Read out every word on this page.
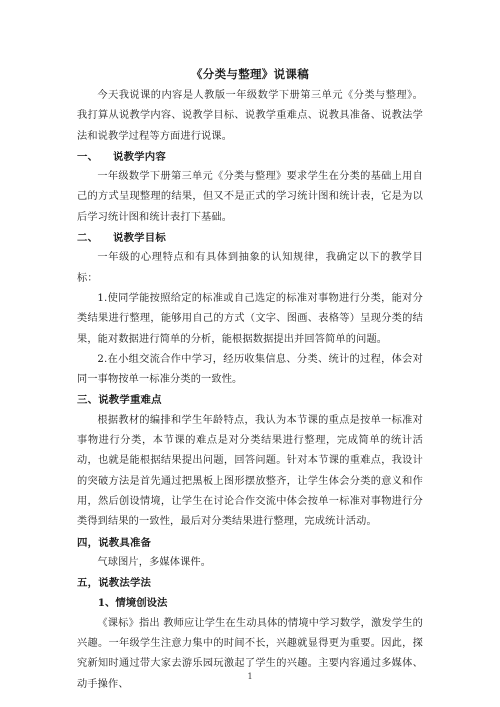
《分类与整理》说课稿

今天我说课的内容是人教版一年级数学下册第三单元《分类与整理》。我打算从说教学内容、说教学目标、说教学重难点、说教具准备、说教法学法和说教学过程等方面进行说课。

一、 说教学内容

一年级数学下册第三单元《分类与整理》要求学生在分类的基础上用自己的方式呈现整理的结果，但又不是正式的学习统计图和统计表，它是为以后学习统计图和统计表打下基础。

二、 说教学目标

一年级的心理特点和有具体到抽象的认知规律，我确定以下的教学目标：

1.使同学能按照给定的标准或自己选定的标准对事物进行分类，能对分类结果进行整理，能够用自己的方式（文字、图画、表格等）呈现分类的结果，能对数据进行简单的分析，能根据数据提出并回答简单的问题。

2.在小组交流合作中学习，经历收集信息、分类、统计的过程，体会对同一事物按单一标准分类的一致性。

三、说教学重难点

根据教材的编排和学生年龄特点，我认为本节课的重点是按单一标准对事物进行分类，本节课的难点是对分类结果进行整理，完成简单的统计活动，也就是能根据结果提出问题，回答问题。针对本节课的重难点，我设计的突破方法是首先通过把黑板上图形摆放整齐，让学生体会分类的意义和作用，然后创设情境，让学生在讨论合作交流中体会按单一标准对事物进行分类得到结果的一致性，最后对分类结果进行整理，完成统计活动。

四，说教具准备

气球图片，多媒体课件。

五，说教法学法

1、情境创设法

《课标》指出 教师应让学生在生动具体的情境中学习数学，激发学生的兴趣。一年级学生注意力集中的时间不长，兴趣就显得更为重要。因此，探究新知时通过带大家去游乐园玩激起了学生的兴趣。主要内容通过多媒体、动手操作、

1
